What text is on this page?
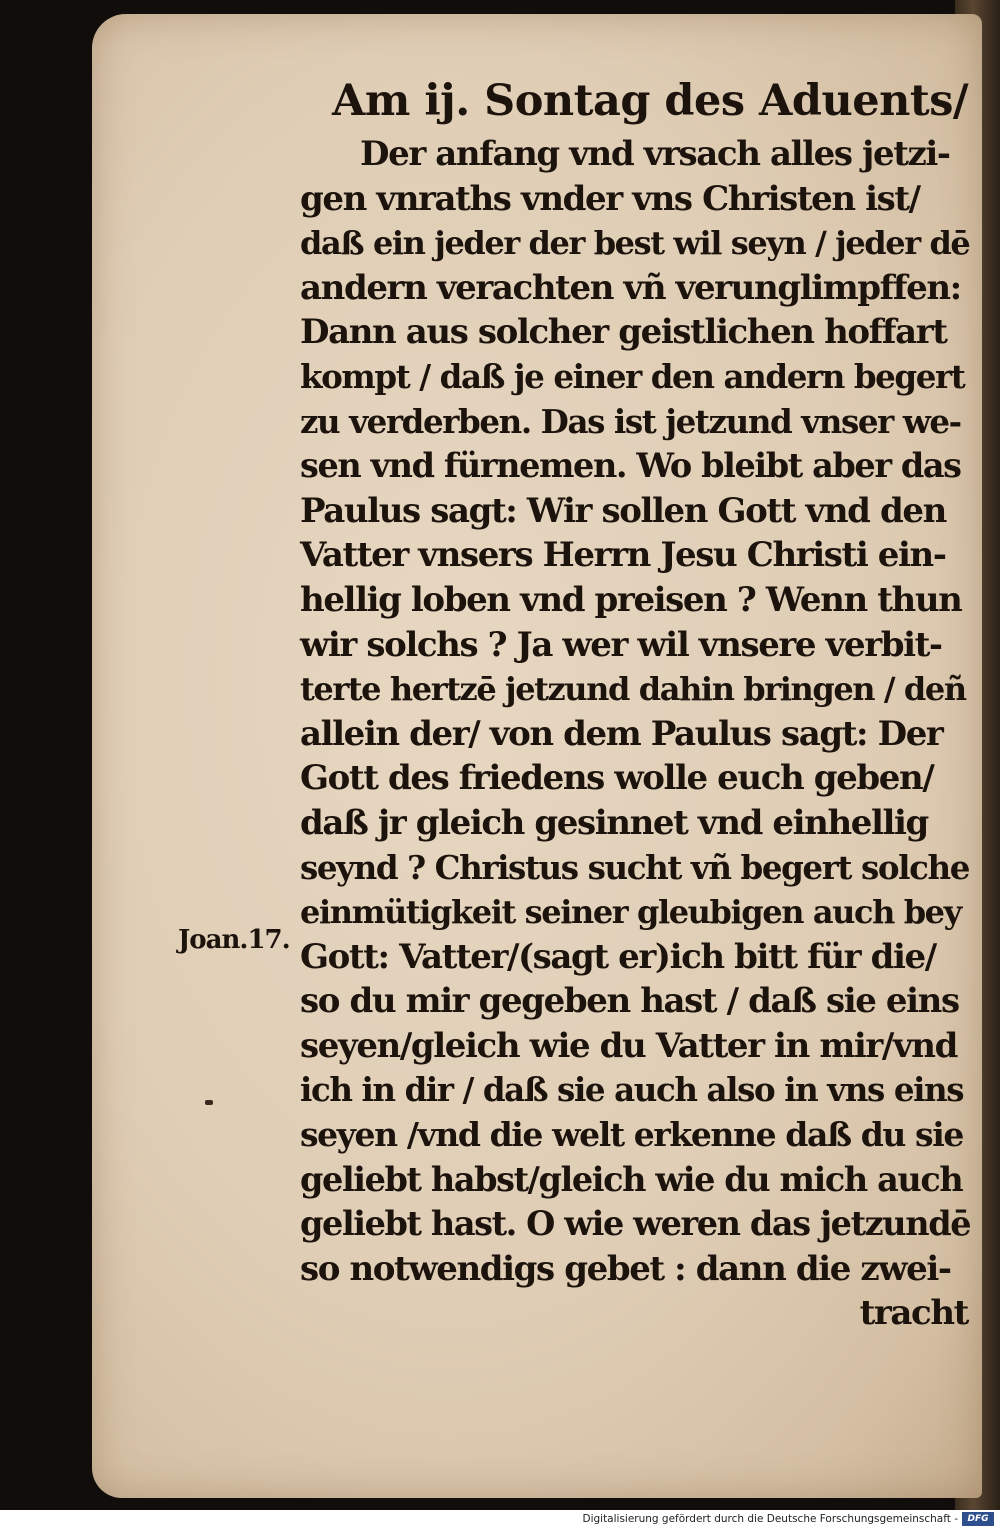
Am ij. Sontag des Aduents/
Der anfang vnd vrsach alles jetzi-
gen vnraths vnder vns Christen ist/
daß ein jeder der best wil seyn / jeder dē
andern verachten vñ verunglimpffen:
Dann aus solcher geistlichen hoffart
kompt / daß je einer den andern begert
zu verderben. Das ist jetzund vnser we-
sen vnd fürnemen. Wo bleibt aber das
Paulus sagt: Wir sollen Gott vnd den
Vatter vnsers Herrn Jesu Christi ein-
hellig loben vnd preisen ? Wenn thun
wir solchs ? Ja wer wil vnsere verbit-
terte hertzē jetzund dahin bringen / deñ
allein der/ von dem Paulus sagt: Der
Gott des friedens wolle euch geben/
daß jr gleich gesinnet vnd einhellig
seynd ? Christus sucht vñ begert solche
einmütigkeit seiner gleubigen auch bey
Gott: Vatter/(sagt er)ich bitt für die/
so du mir gegeben hast / daß sie eins
seyen/gleich wie du Vatter in mir/vnd
ich in dir / daß sie auch also in vns eins
seyen /vnd die welt erkenne daß du sie
geliebt habst/gleich wie du mich auch
geliebt hast. O wie weren das jetzundē
so notwendigs gebet : dann die zwei-
tracht
Joan.17.
Digitalisierung gefördert durch die Deutsche Forschungsgemeinschaft -	DFG
